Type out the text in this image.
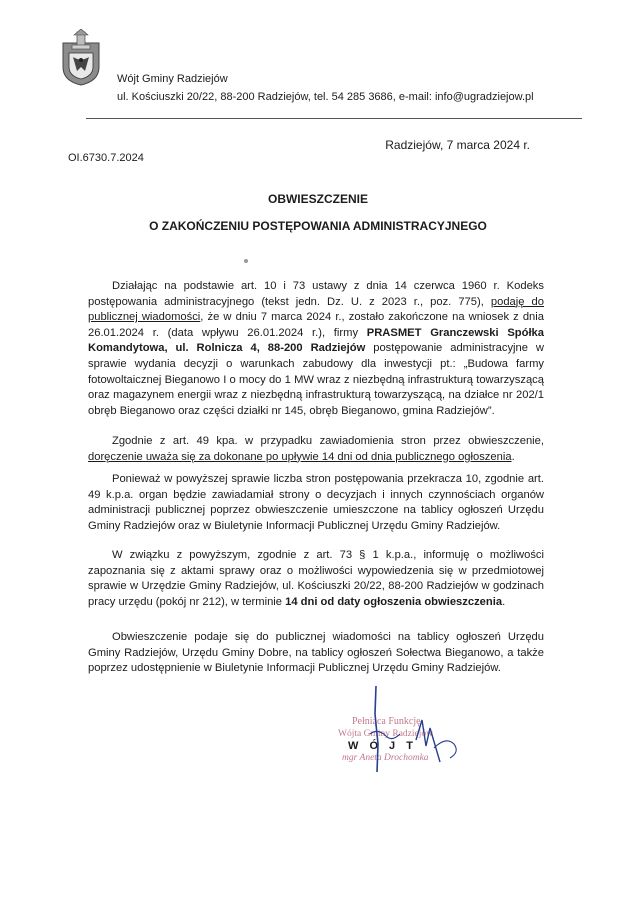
Wójt Gminy Radziejów
ul. Kościuszki 20/22, 88-200 Radziejów, tel. 54 285 3686, e-mail: info@ugradziejow.pl
Radziejów, 7 marca 2024 r.
OI.6730.7.2024
OBWIESZCZENIE
O ZAKOŃCZENIU POSTĘPOWANIA ADMINISTRACYJNEGO

Działając na podstawie art. 10 i 73 ustawy z dnia 14 czerwca 1960 r. Kodeks postępowania administracyjnego (tekst jedn. Dz. U. z 2023 r., poz. 775), podaję do publicznej wiadomości, że w dniu 7 marca 2024 r., zostało zakończone na wniosek z dnia 26.01.2024 r. (data wpływu 26.01.2024 r.), firmy PRASMET Granczewski Spółka Komandytowa, ul. Rolnicza 4, 88-200 Radziejów postępowanie administracyjne w sprawie wydania decyzji o warunkach zabudowy dla inwestycji pt.: „Budowa farmy fotowoltaicznej Bieganowo I o mocy do 1 MW wraz z niezbędną infrastrukturą towarzyszącą oraz magazynem energii wraz z niezbędną infrastrukturą towarzyszącą, na działce nr 202/1 obręb Bieganowo oraz części działki nr 145, obręb Bieganowo, gmina Radziejów”.

Zgodnie z art. 49 kpa. w przypadku zawiadomienia stron przez obwieszczenie, doręczenie uważa się za dokonane po upływie 14 dni od dnia publicznego ogłoszenia.

Ponieważ w powyższej sprawie liczba stron postępowania przekracza 10, zgodnie art. 49 k.p.a. organ będzie zawiadamiał strony o decyzjach i innych czynnościach organów administracji publicznej poprzez obwieszczenie umieszczone na tablicy ogłoszeń Urzędu Gminy Radziejów oraz w Biuletynie Informacji Publicznej Urzędu Gminy Radziejów.

W związku z powyższym, zgodnie z art. 73 § 1 k.p.a., informuję o możliwości zapoznania się z aktami sprawy oraz o możliwości wypowiedzenia się w przedmiotowej sprawie w Urzędzie Gminy Radziejów, ul. Kościuszki 20/22, 88-200 Radziejów w godzinach pracy urzędu (pokój nr 212), w terminie 14 dni od daty ogłoszenia obwieszczenia.

Obwieszczenie podaje się do publicznej wiadomości na tablicy ogłoszeń Urzędu Gminy Radziejów, Urzędu Gminy Dobre, na tablicy ogłoszeń Sołectwa Bieganowo, a także poprzez udostępnienie w Biuletynie Informacji Publicznej Urzędu Gminy Radziejów.

Pełniąca Funkcję
Wójta Gminy Radziejów
W Ó J T
mgr Aneta Drochomka
